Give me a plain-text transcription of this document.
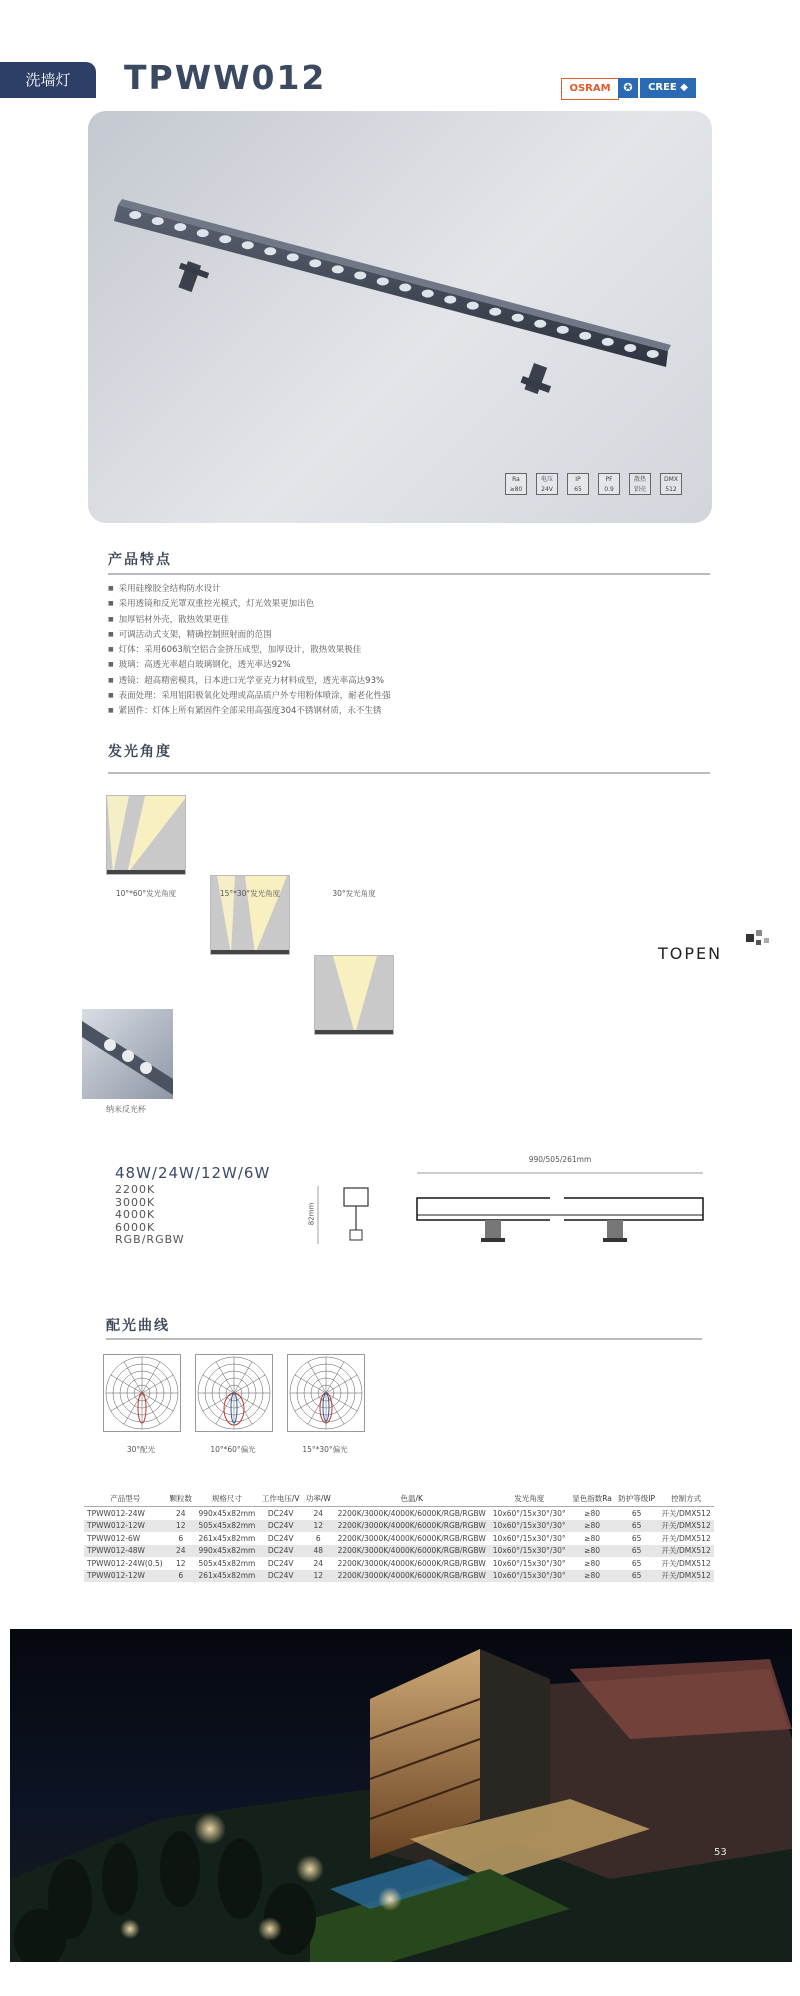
洗墙灯	TPWW012	OSRAM	✪	CREE ◆
Ra
≥80
电压
24V
IP
65
PF
0.9
散热
铝壳
DMX
512
产品特点
■ 采用硅橡胶全结构防水设计
■ 采用透镜和反光罩双重控光模式，灯光效果更加出色
■ 加厚铝材外壳，散热效果更佳
■ 可调活动式支架，精确控制照射面的范围
■ 灯体：采用6063航空铝合金挤压成型，加厚设计，散热效果极佳
■ 玻璃：高透光率超白玻璃钢化，透光率达92%
■ 透镜：超高精密模具，日本进口光学亚克力材料成型，透光率高达93%
■ 表面处理：采用铝阳极氧化处理或高品质户外专用粉体喷涂，耐老化性强
■ 紧固件：灯体上所有紧固件全部采用高强度304不锈钢材质，永不生锈
发光角度
10°*60°发光角度	15°*30°发光角度	30°发光角度
TOPEN
纳米反光杯
48W/24W/12W/6W
2200K
3000K
4000K
6000K
RGB/RGBW
82mm
990/505/261mm
配光曲线
30°配光	10°*60°偏光	15°*30°偏光
产品型号	颗粒数	规格尺寸	工作电压/V	功率/W	色温/K	发光角度	显色指数Ra	防护等级IP	控制方式
TPWW012-24W	24	990x45x82mm	DC24V	24	2200K/3000K/4000K/6000K/RGB/RGBW	10x60°/15x30°/30°	≥80	65	开关/DMX512
TPWW012-12W	12	505x45x82mm	DC24V	12	2200K/3000K/4000K/6000K/RGB/RGBW	10x60°/15x30°/30°	≥80	65	开关/DMX512
TPWW012-6W	6	261x45x82mm	DC24V	6	2200K/3000K/4000K/6000K/RGB/RGBW	10x60°/15x30°/30°	≥80	65	开关/DMX512
TPWW012-48W	24	990x45x82mm	DC24V	48	2200K/3000K/4000K/6000K/RGB/RGBW	10x60°/15x30°/30°	≥80	65	开关/DMX512
TPWW012-24W(0.5)	12	505x45x82mm	DC24V	24	2200K/3000K/4000K/6000K/RGB/RGBW	10x60°/15x30°/30°	≥80	65	开关/DMX512
TPWW012-12W	6	261x45x82mm	DC24V	12	2200K/3000K/4000K/6000K/RGB/RGBW	10x60°/15x30°/30°	≥80	65	开关/DMX512
53
